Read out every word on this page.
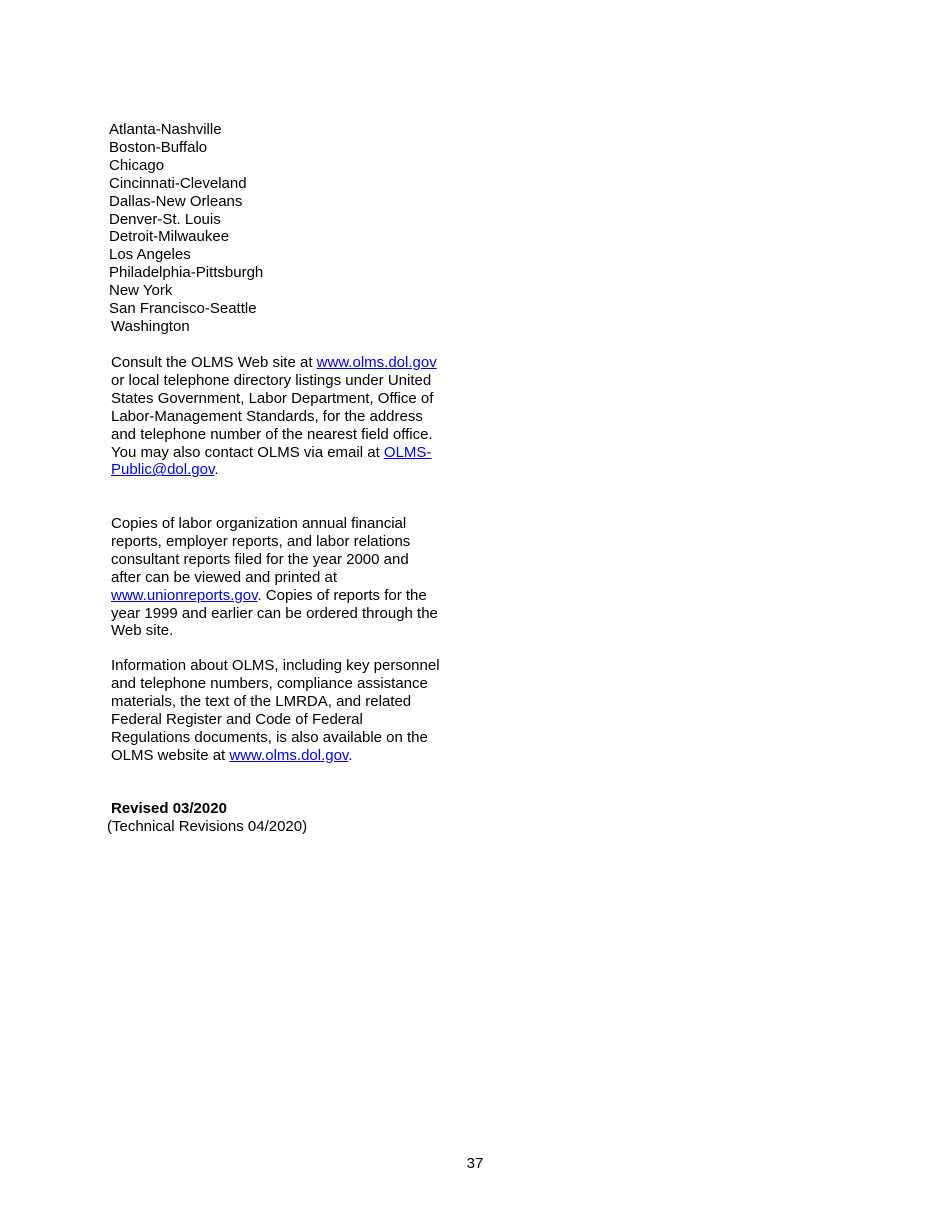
Atlanta-Nashville
Boston-Buffalo
Chicago
Cincinnati-Cleveland
Dallas-New Orleans
Denver-St. Louis
Detroit-Milwaukee
Los Angeles
Philadelphia-Pittsburgh
New York
San Francisco-Seattle
Washington

Consult the OLMS Web site at www.olms.dol.gov or local telephone directory listings under United States Government, Labor Department, Office of Labor-Management Standards, for the address and telephone number of the nearest field office. You may also contact OLMS via email at OLMS-Public@dol.gov.

Copies of labor organization annual financial reports, employer reports, and labor relations consultant reports filed for the year 2000 and after can be viewed and printed at www.unionreports.gov. Copies of reports for the year 1999 and earlier can be ordered through the Web site.

Information about OLMS, including key personnel and telephone numbers, compliance assistance materials, the text of the LMRDA, and related Federal Register and Code of Federal Regulations documents, is also available on the OLMS website at www.olms.dol.gov.

Revised 03/2020
(Technical Revisions 04/2020)
37
